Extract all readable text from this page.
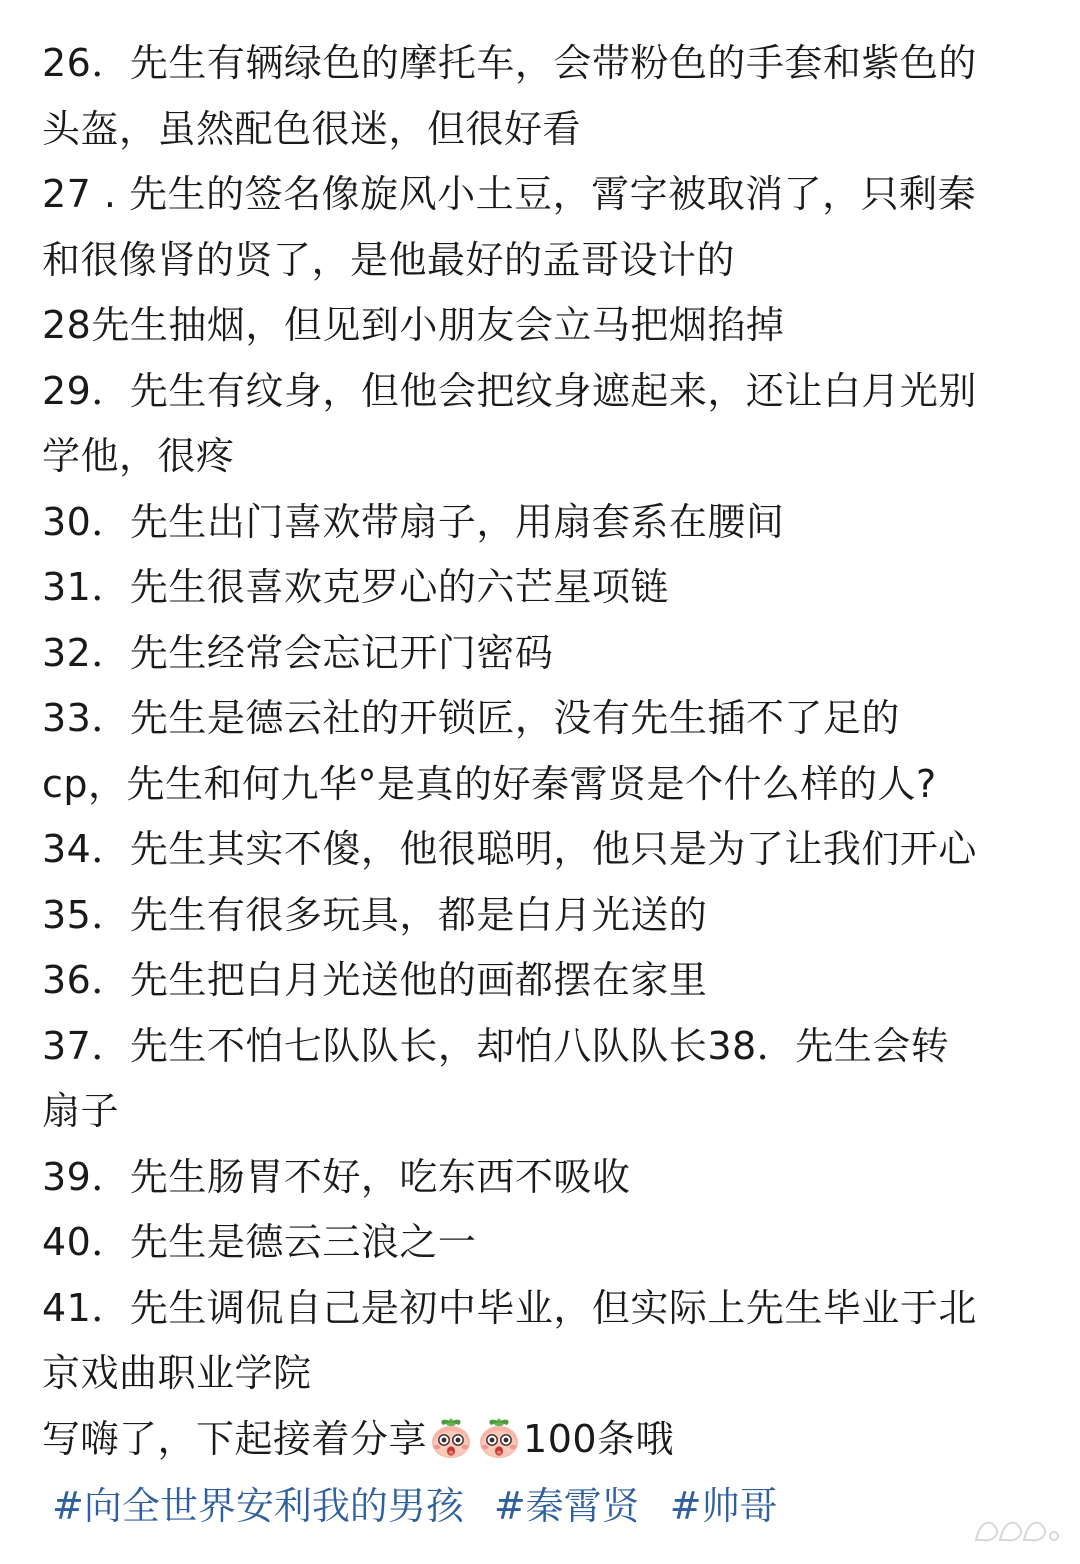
26．先生有辆绿色的摩托车，会带粉色的手套和紫色的
头盔，虽然配色很迷，但很好看
27 . 先生的签名像旋风小土豆，霄字被取消了，只剩秦
和很像肾的贤了，是他最好的孟哥设计的
28先生抽烟，但见到小朋友会立马把烟掐掉
29．先生有纹身，但他会把纹身遮起来，还让白月光别
学他，很疼
30．先生出门喜欢带扇子，用扇套系在腰间
31．先生很喜欢克罗心的六芒星项链
32．先生经常会忘记开门密码
33．先生是德云社的开锁匠，没有先生插不了足的
cp，先生和何九华°是真的好秦霄贤是个什么样的人?
34．先生其实不傻，他很聪明，他只是为了让我们开心
35．先生有很多玩具，都是白月光送的
36．先生把白月光送他的画都摆在家里
37．先生不怕七队队长，却怕八队队长38．先生会转
扇子
39．先生肠胃不好，吃东西不吸收
40．先生是德云三浪之一
41．先生调侃自己是初中毕业，但实际上先生毕业于北
京戏曲职业学院
写嗨了，下起接着分享	100条哦
#向全世界安利我的男孩 #秦霄贤 #帅哥
